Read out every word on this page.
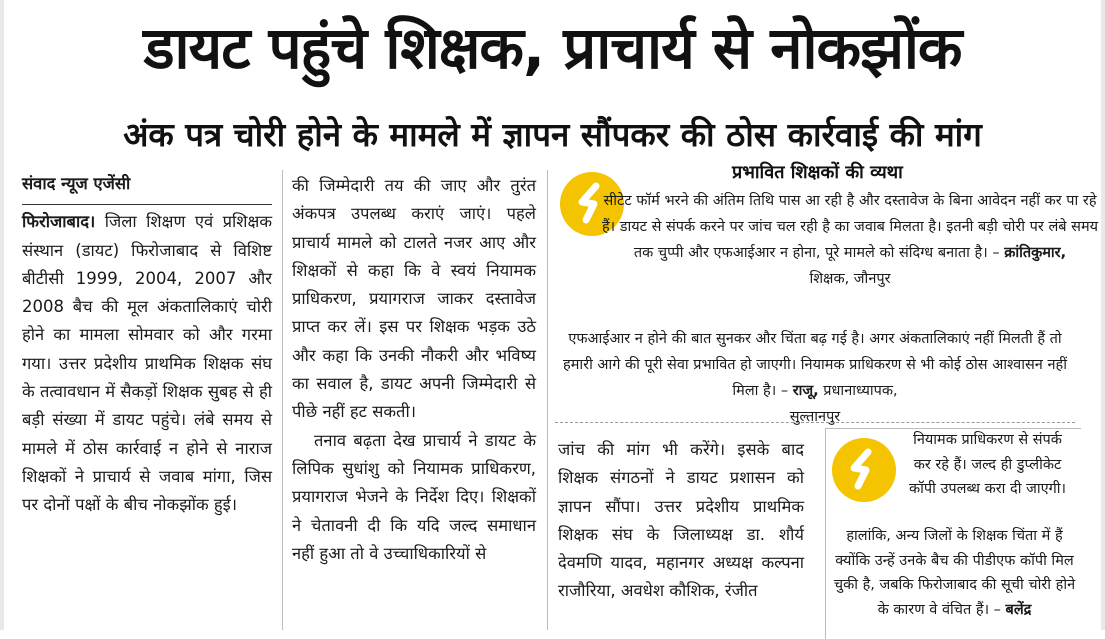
डायट पहुंचे शिक्षक, प्राचार्य से नोकझोंक
अंक पत्र चोरी होने के मामले में ज्ञापन सौंपकर की ठोस कार्रवाई की मांग

संवाद न्यूज एजेंसी

फिरोजाबाद। जिला शिक्षण एवं प्रशिक्षक संस्थान (डायट) फिरोजाबाद से विशिष्ट बीटीसी 1999, 2004, 2007 और 2008 बैच की मूल अंकतालिकाएं चोरी होने का मामला सोमवार को और गरमा गया। उत्तर प्रदेशीय प्राथमिक शिक्षक संघ के तत्वावधान में सैकड़ों शिक्षक सुबह से ही बड़ी संख्या में डायट पहुंचे। लंबे समय से मामले में ठोस कार्रवाई न होने से नाराज शिक्षकों ने प्राचार्य से जवाब मांगा, जिस पर दोनों पक्षों के बीच नोकझोंक हुई।

की जिम्मेदारी तय की जाए और तुरंत अंकपत्र उपलब्ध कराएं जाएं। पहले प्राचार्य मामले को टालते नजर आए और शिक्षकों से कहा कि वे स्वयं नियामक प्राधिकरण, प्रयागराज जाकर दस्तावेज प्राप्त कर लें। इस पर शिक्षक भड़क उठे और कहा कि उनकी नौकरी और भविष्य का सवाल है, डायट अपनी जिम्मेदारी से पीछे नहीं हट सकती।

तनाव बढ़ता देख प्राचार्य ने डायट के लिपिक सुधांशु को नियामक प्राधिकरण, प्रयागराज भेजने के निर्देश दिए। शिक्षकों ने चेतावनी दी कि यदि जल्द समाधान नहीं हुआ तो वे उच्चाधिकारियों से

प्रभावित शिक्षकों की व्यथा
सीटेट फॉर्म भरने की अंतिम तिथि पास आ रही है और दस्तावेज के बिना आवेदन नहीं कर पा रहे हैं। डायट से संपर्क करने पर जांच चल रही है का जवाब मिलता है। इतनी बड़ी चोरी पर लंबे समय तक चुप्पी और एफआईआर न होना, पूरे मामले को संदिग्ध बनाता है। – क्रांतिकुमार,
शिक्षक, जौनपुर
एफआईआर न होने की बात सुनकर और चिंता बढ़ गई है। अगर अंकतालिकाएं नहीं मिलती हैं तो हमारी आगे की पूरी सेवा प्रभावित हो जाएगी। नियामक प्राधिकरण से भी कोई ठोस आश्वासन नहीं मिला है। – राजू, प्रधानाध्यापक,
सुल्तानपुर

जांच की मांग भी करेंगे। इसके बाद शिक्षक संगठनों ने डायट प्रशासन को ज्ञापन सौंपा। उत्तर प्रदेशीय प्राथमिक शिक्षक संघ के जिलाध्यक्ष डा. शौर्य देवमणि यादव, महानगर अध्यक्ष कल्पना राजौरिया, अवधेश कौशिक, रंजीत

नियामक प्राधिकरण से संपर्क कर रहे हैं। जल्द ही डुप्लीकेट कॉपी उपलब्ध करा दी जाएगी।
हालांकि, अन्य जिलों के शिक्षक चिंता में हैं क्योंकि उन्हें उनके बैच की पीडीएफ कॉपी मिल चुकी है, जबकि फिरोजाबाद की सूची चोरी होने के कारण वे वंचित हैं। – बलेंद्र
